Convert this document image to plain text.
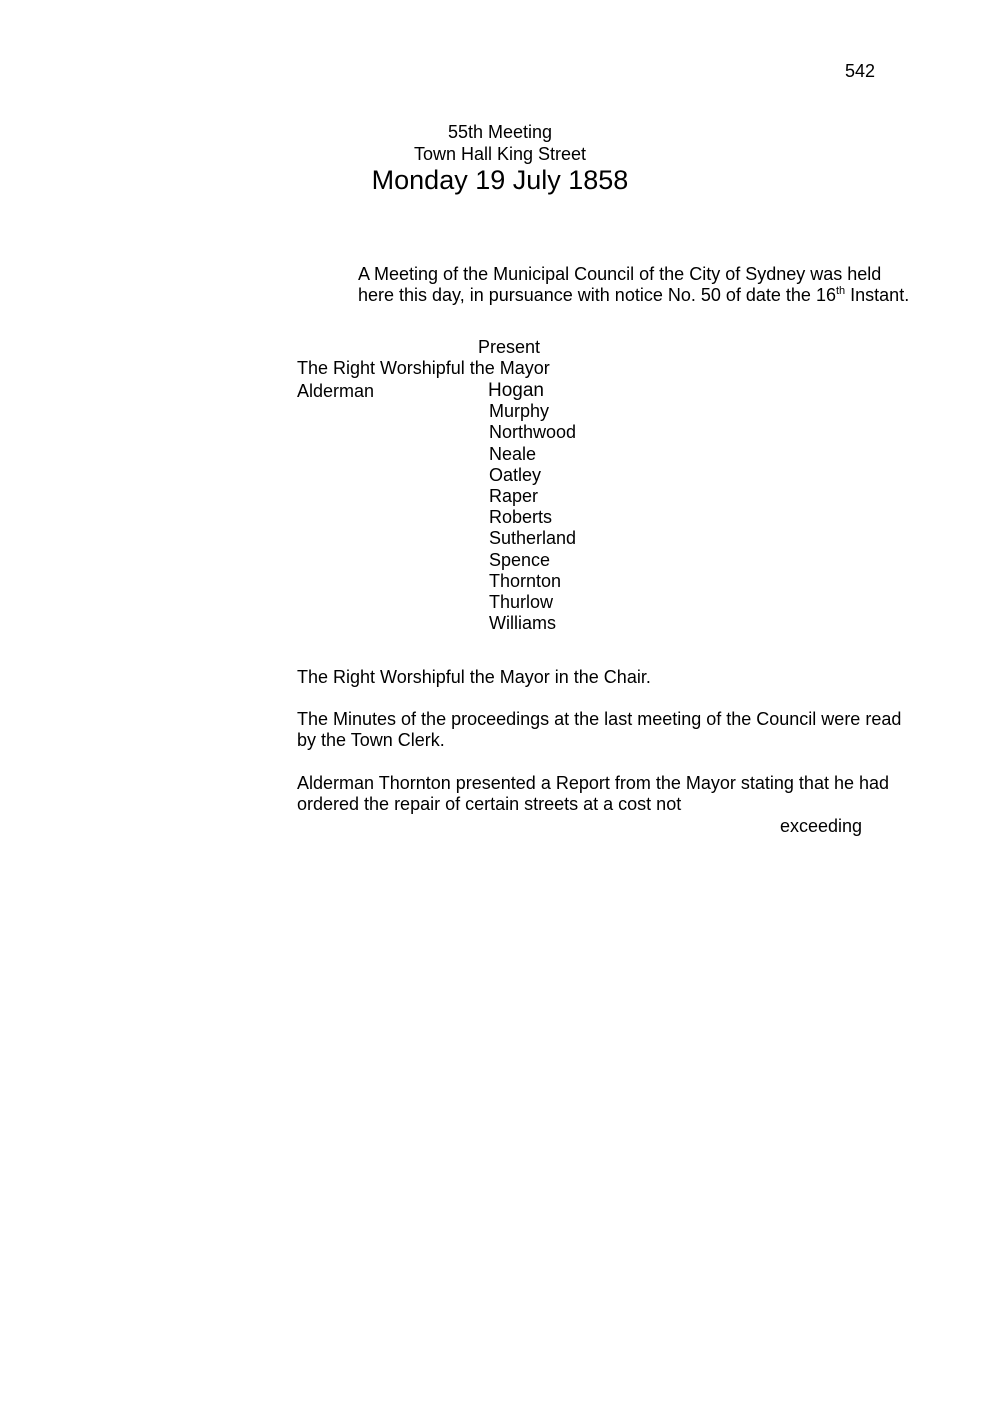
542
55th Meeting
Town Hall King Street
Monday 19 July 1858
A Meeting of the Municipal Council of the City of Sydney was held here this day, in pursuance with notice No. 50 of date the 16th Instant.
Present
The Right Worshipful the Mayor
Alderman	Hogan
Murphy
Northwood
Neale
Oatley
Raper
Roberts
Sutherland
Spence
Thornton
Thurlow
Williams
The Right Worshipful the Mayor in the Chair.
The Minutes of the proceedings at the last meeting of the Council were read by the Town Clerk.
Alderman Thornton presented a Report from the Mayor stating that he had ordered the repair of certain streets at a cost not
exceeding
